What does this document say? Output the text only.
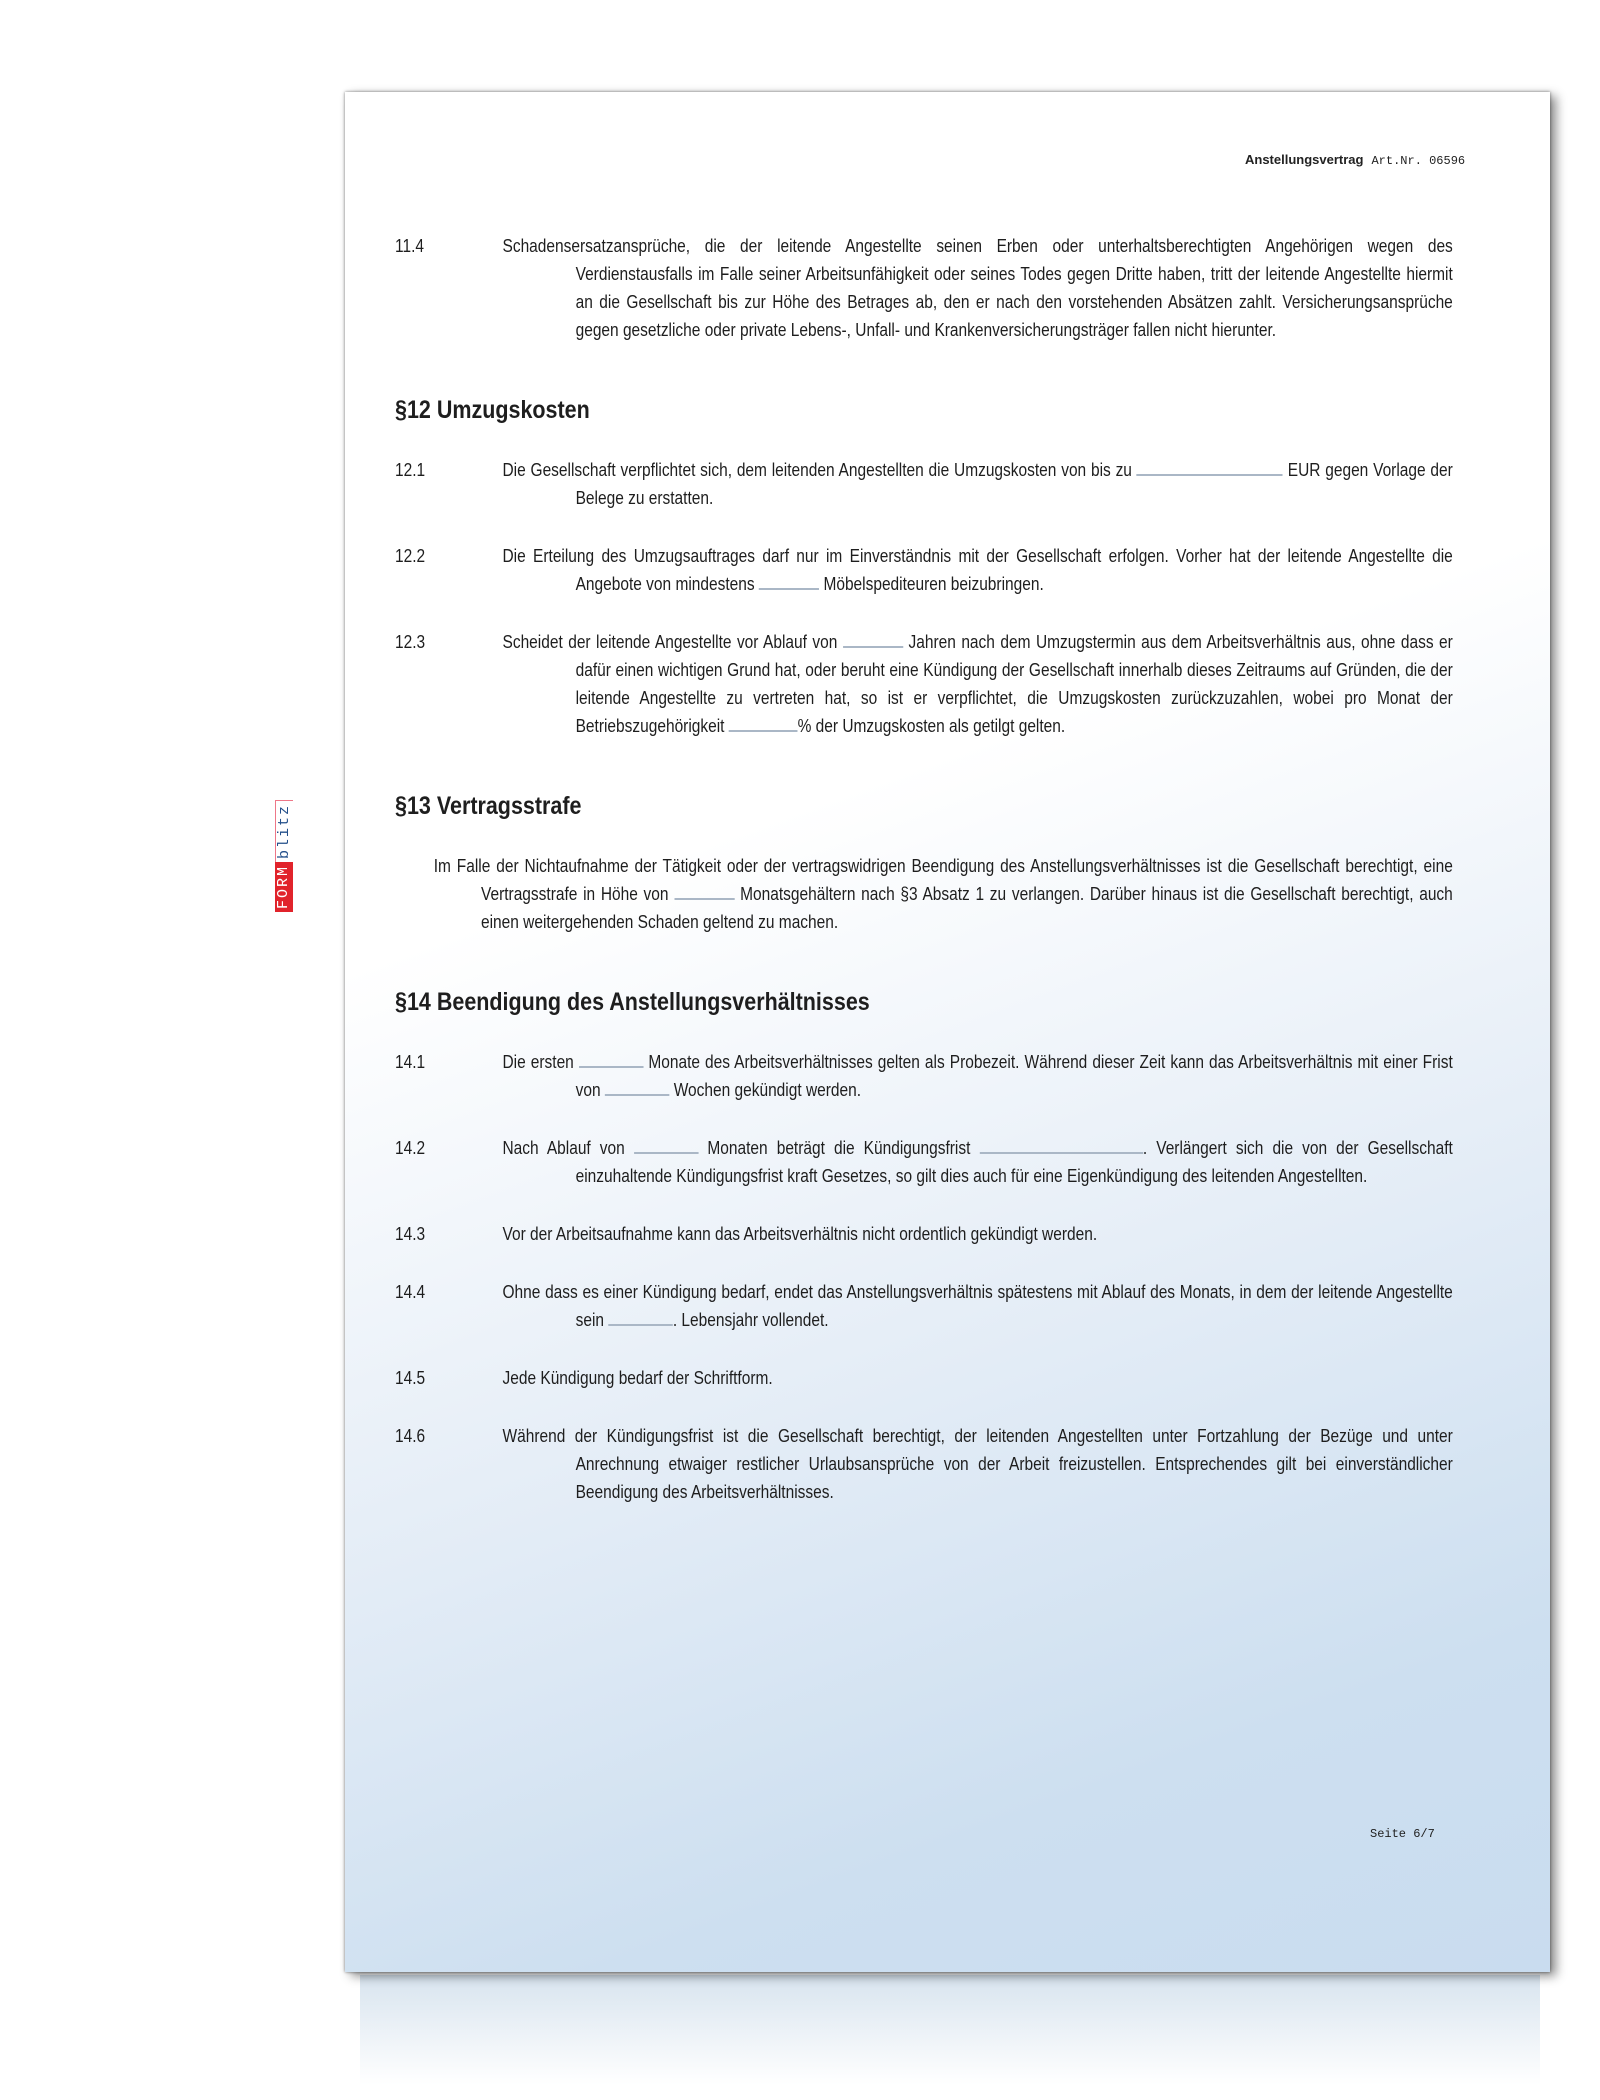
Anstellungsvertrag Art.Nr. 06596
FORM
blitz
11.4	Schadensersatzansprüche, die der leitende Angestellte seinen Erben oder unterhaltsberechtigten Angehörigen wegen des Verdienstausfalls im Falle seiner Arbeitsunfähigkeit oder seines Todes gegen Dritte haben, tritt der leitende Angestellte hiermit an die Gesellschaft bis zur Höhe des Betrages ab, den er nach den vorstehenden Absätzen zahlt. Versicherungsansprüche gegen gesetzliche oder private Lebens-, Unfall- und Krankenversicherungsträger fallen nicht hierunter.
§12 Umzugskosten
12.1	Die Gesellschaft verpflichtet sich, dem leitenden Angestellten die Umzugskosten von bis zu	EUR gegen Vorlage der Belege zu erstatten.
12.2	Die Erteilung des Umzugsauftrages darf nur im Einverständnis mit der Gesellschaft erfolgen. Vorher hat der leitende Angestellte die Angebote von mindestens	Möbelspediteuren beizubringen.
12.3	Scheidet der leitende Angestellte vor Ablauf von	Jahren nach dem Umzugstermin aus dem Arbeitsverhältnis aus, ohne dass er dafür einen wichtigen Grund hat, oder beruht eine Kündigung der Gesellschaft innerhalb dieses Zeitraums auf Gründen, die der leitende Angestellte zu vertreten hat, so ist er verpflichtet, die Umzugskosten zurückzuzahlen, wobei pro Monat der Betriebszugehörigkeit	% der Umzugskosten als getilgt gelten.
§13 Vertragsstrafe
Im Falle der Nichtaufnahme der Tätigkeit oder der vertragswidrigen Beendigung des Anstellungsverhältnisses ist die Gesellschaft berechtigt, eine Vertragsstrafe in Höhe von	Monatsgehältern nach §3 Absatz 1 zu verlangen. Darüber hinaus ist die Gesellschaft berechtigt, auch einen weitergehenden Schaden geltend zu machen.
§14 Beendigung des Anstellungsverhältnisses
14.1	Die ersten	Monate des Arbeitsverhältnisses gelten als Probezeit. Während dieser Zeit kann das Arbeitsverhältnis mit einer Frist von	Wochen gekündigt werden.
14.2	Nach Ablauf von	Monaten beträgt die Kündigungsfrist	. Verlängert sich die von der Gesellschaft einzuhaltende Kündigungsfrist kraft Gesetzes, so gilt dies auch für eine Eigenkündigung des leitenden Angestellten.
14.3	Vor der Arbeitsaufnahme kann das Arbeitsverhältnis nicht ordentlich gekündigt werden.
14.4	Ohne dass es einer Kündigung bedarf, endet das Anstellungsverhältnis spätestens mit Ablauf des Monats, in dem der leitende Angestellte sein	. Lebensjahr vollendet.
14.5	Jede Kündigung bedarf der Schriftform.
14.6	Während der Kündigungsfrist ist die Gesellschaft berechtigt, der leitenden Angestellten unter Fortzahlung der Bezüge und unter Anrechnung etwaiger restlicher Urlaubsansprüche von der Arbeit freizustellen. Entsprechendes gilt bei einverständlicher Beendigung des Arbeitsverhältnisses.
Seite 6/7
